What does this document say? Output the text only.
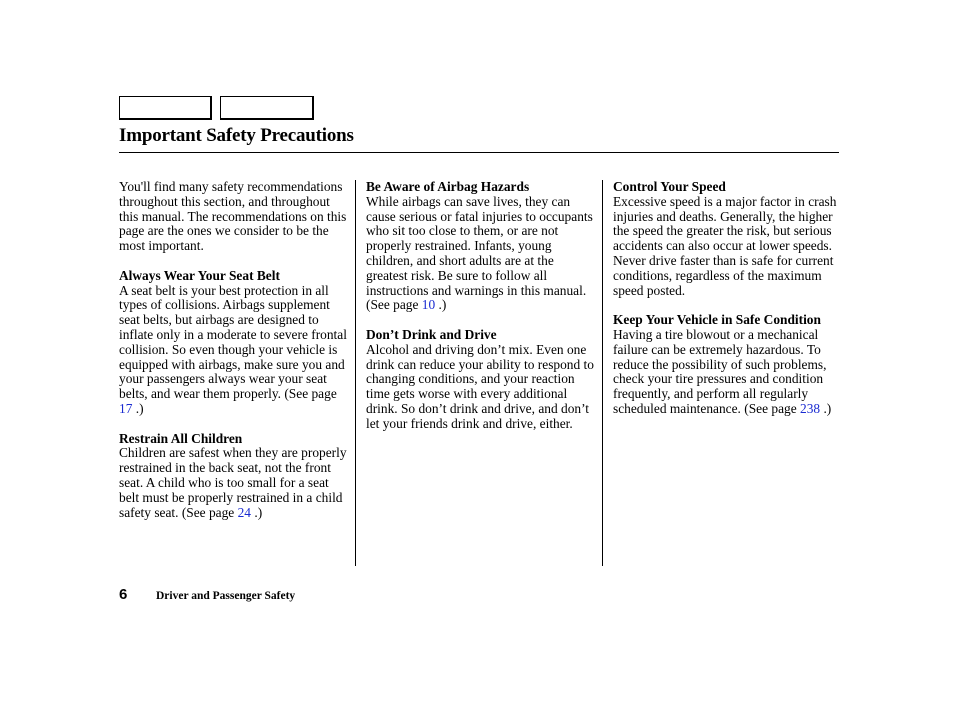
Important Safety Precautions

You'll find many safety recommendations throughout this section, and throughout this manual. The recommendations on this page are the ones we consider to be the most important.

Always Wear Your Seat Belt
A seat belt is your best protection in all types of collisions. Airbags supplement seat belts, but airbags are designed to inflate only in a moderate to severe frontal collision. So even though your vehicle is equipped with airbags, make sure you and your passengers always wear your seat belts, and wear them properly. (See page 17 .)

Restrain All Children
Children are safest when they are properly restrained in the back seat, not the front seat. A child who is too small for a seat belt must be properly restrained in a child safety seat. (See page 24 .)

Be Aware of Airbag Hazards
While airbags can save lives, they can cause serious or fatal injuries to occupants who sit too close to them, or are not properly restrained. Infants, young children, and short adults are at the greatest risk. Be sure to follow all instructions and warnings in this manual. (See page 10 .)

Don’t Drink and Drive
Alcohol and driving don’t mix. Even one drink can reduce your ability to respond to changing conditions, and your reaction time gets worse with every additional drink. So don’t drink and drive, and don’t let your friends drink and drive, either.

Control Your Speed
Excessive speed is a major factor in crash injuries and deaths. Generally, the higher the speed the greater the risk, but serious accidents can also occur at lower speeds. Never drive faster than is safe for current conditions, regardless of the maximum speed posted.

Keep Your Vehicle in Safe Condition
Having a tire blowout or a mechanical failure can be extremely hazardous. To reduce the possibility of such problems, check your tire pressures and condition frequently, and perform all regularly scheduled maintenance. (See page 238 .)

6 Driver and Passenger Safety
